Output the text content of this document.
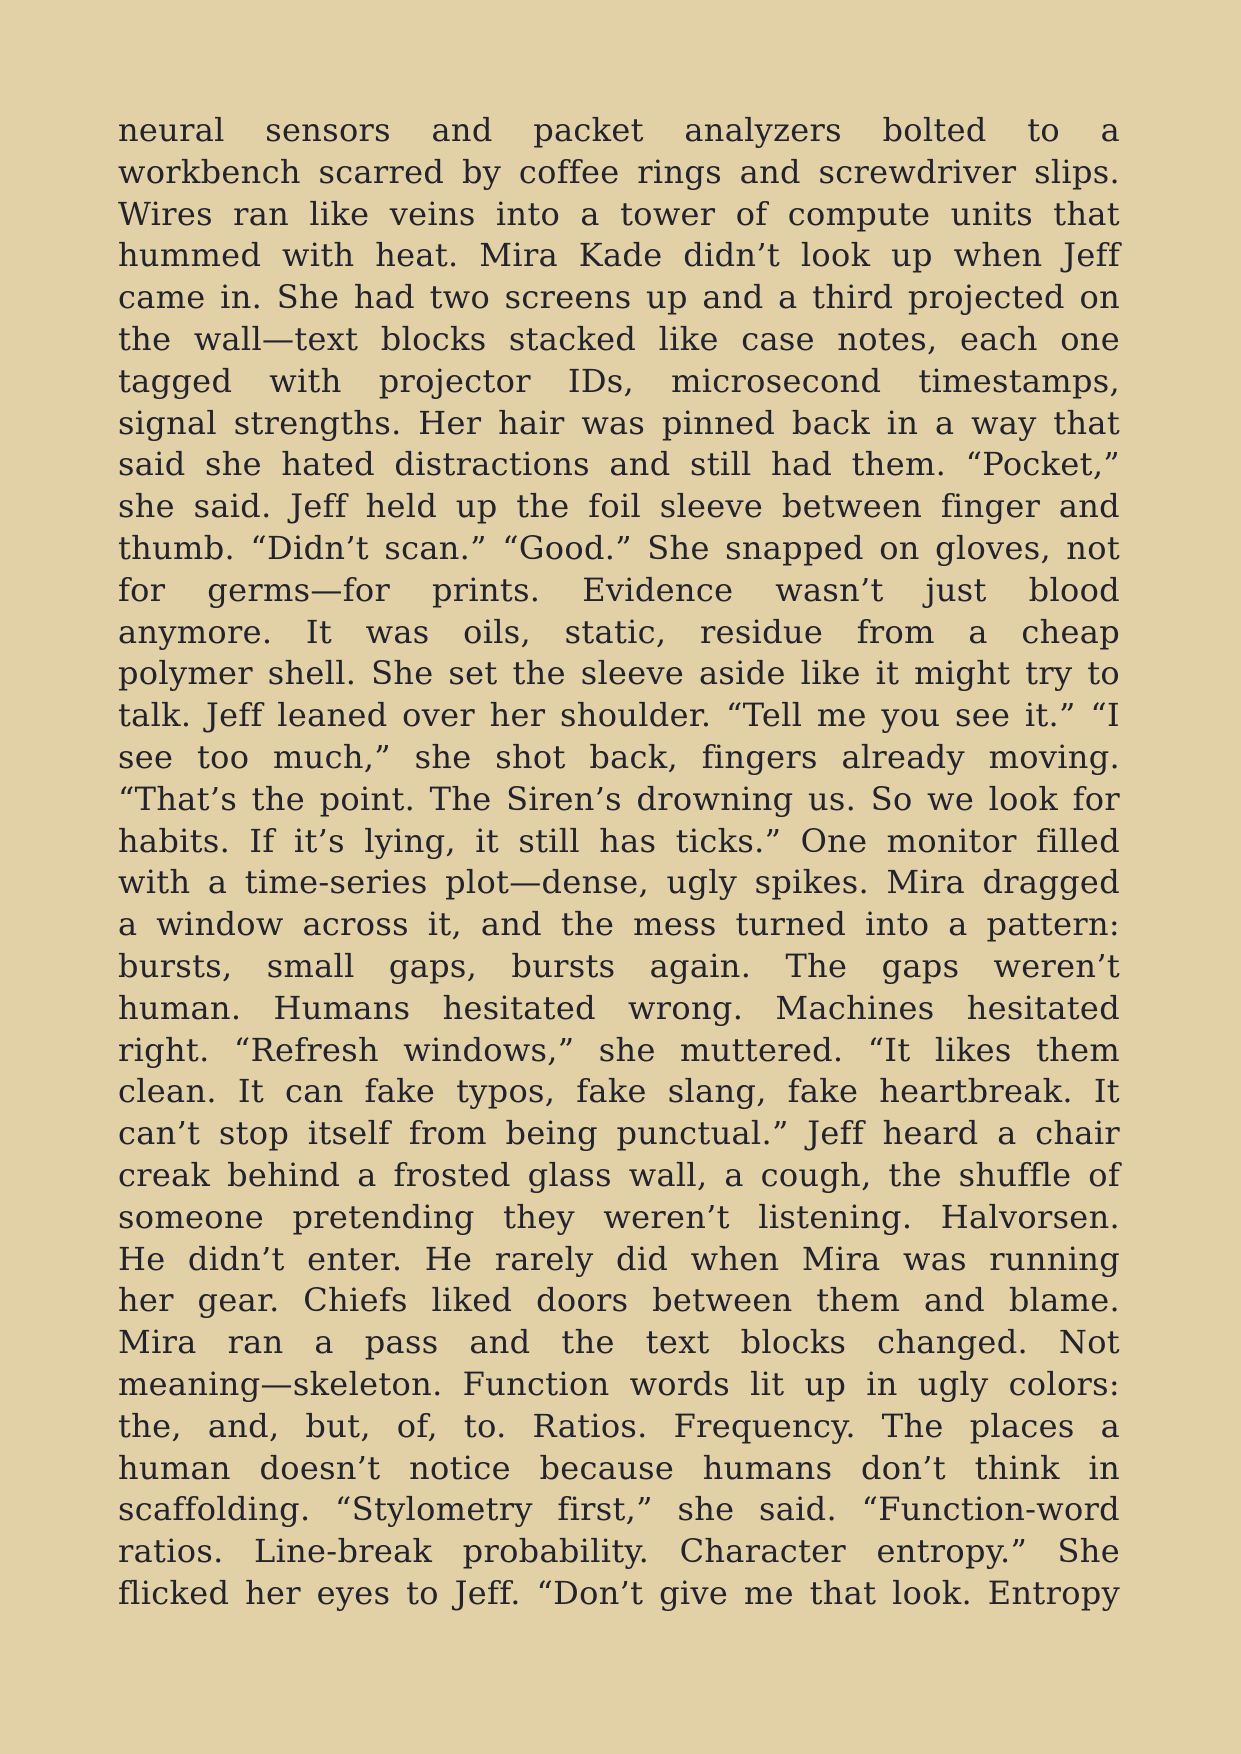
neural sensors and packet analyzers bolted to a
workbench scarred by coffee rings and screwdriver slips.
Wires ran like veins into a tower of compute units that
hummed with heat. Mira Kade didn’t look up when Jeff
came in. She had two screens up and a third projected on
the wall—text blocks stacked like case notes, each one
tagged with projector IDs, microsecond timestamps,
signal strengths. Her hair was pinned back in a way that
said she hated distractions and still had them. “Pocket,”
she said. Jeff held up the foil sleeve between finger and
thumb. “Didn’t scan.” “Good.” She snapped on gloves, not
for germs—for prints. Evidence wasn’t just blood
anymore. It was oils, static, residue from a cheap
polymer shell. She set the sleeve aside like it might try to
talk. Jeff leaned over her shoulder. “Tell me you see it.” “I
see too much,” she shot back, fingers already moving.
“That’s the point. The Siren’s drowning us. So we look for
habits. If it’s lying, it still has ticks.” One monitor filled
with a time-series plot—dense, ugly spikes. Mira dragged
a window across it, and the mess turned into a pattern:
bursts, small gaps, bursts again. The gaps weren’t
human. Humans hesitated wrong. Machines hesitated
right. “Refresh windows,” she muttered. “It likes them
clean. It can fake typos, fake slang, fake heartbreak. It
can’t stop itself from being punctual.” Jeff heard a chair
creak behind a frosted glass wall, a cough, the shuffle of
someone pretending they weren’t listening. Halvorsen.
He didn’t enter. He rarely did when Mira was running
her gear. Chiefs liked doors between them and blame.
Mira ran a pass and the text blocks changed. Not
meaning—skeleton. Function words lit up in ugly colors:
the, and, but, of, to. Ratios. Frequency. The places a
human doesn’t notice because humans don’t think in
scaffolding. “Stylometry first,” she said. “Function-word
ratios. Line-break probability. Character entropy.” She
flicked her eyes to Jeff. “Don’t give me that look. Entropy
